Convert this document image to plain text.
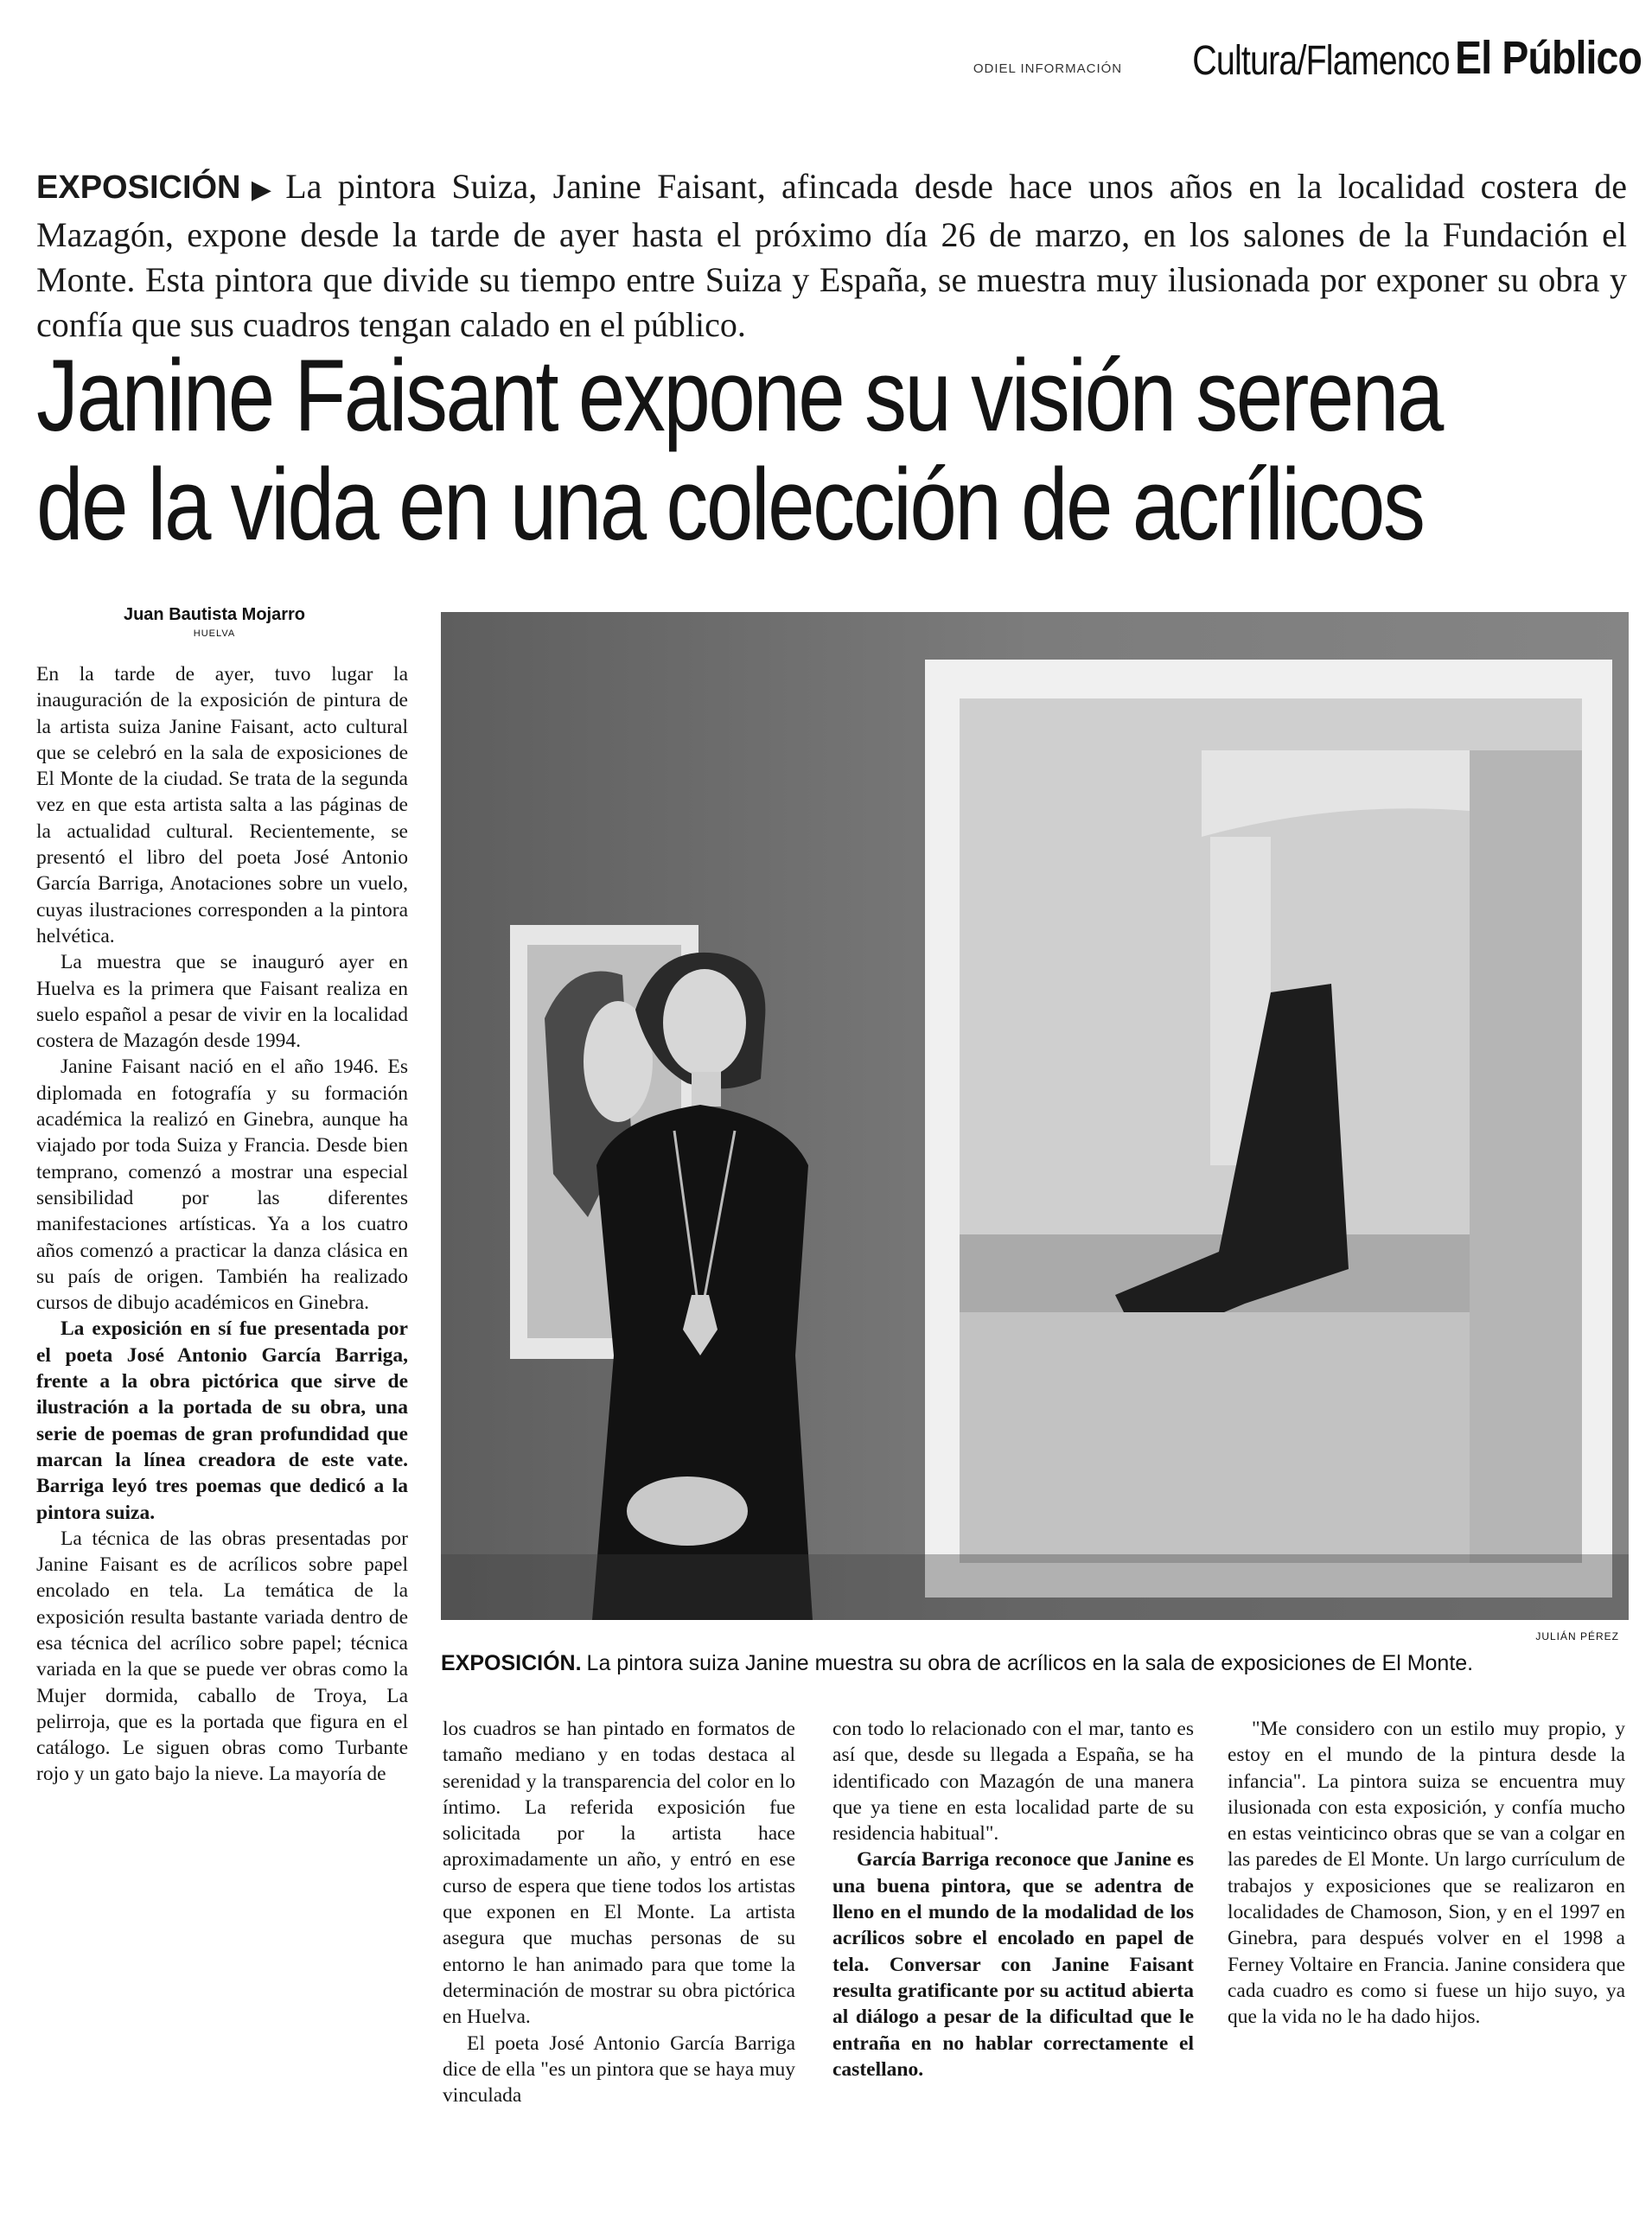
ODIEL INFORMACIÓN Cultura/Flamenco El Público
EXPOSICIÓN ▶ La pintora Suiza, Janine Faisant, afincada desde hace unos años en la localidad costera de Mazagón, expone desde la tarde de ayer hasta el próximo día 26 de marzo, en los salones de la Fundación el Monte. Esta pintora que divide su tiempo entre Suiza y España, se muestra muy ilusionada por exponer su obra y confía que sus cuadros tengan calado en el público.
Janine Faisant expone su visión serena
de la vida en una colección de acrílicos
Juan Bautista Mojarro
HUELVA

En la tarde de ayer, tuvo lugar la inauguración de la exposición de pintura de la artista suiza Janine Faisant, acto cultural que se celebró en la sala de exposiciones de El Monte de la ciudad. Se trata de la segunda vez en que esta artista salta a las páginas de la actualidad cultural. Recientemente, se presentó el libro del poeta José Antonio García Barriga, Anotaciones sobre un vuelo, cuyas ilustraciones corresponden a la pintora helvética.

La muestra que se inauguró ayer en Huelva es la primera que Faisant realiza en suelo español a pesar de vivir en la localidad costera de Mazagón desde 1994.

Janine Faisant nació en el año 1946. Es diplomada en fotografía y su formación académica la realizó en Ginebra, aunque ha viajado por toda Suiza y Francia. Desde bien temprano, comenzó a mostrar una especial sensibilidad por las diferentes manifestaciones artísticas. Ya a los cuatro años comenzó a practicar la danza clásica en su país de origen. También ha realizado cursos de dibujo académicos en Ginebra.

La exposición en sí fue presentada por el poeta José Antonio García Barriga, frente a la obra pictórica que sirve de ilustración a la portada de su obra, una serie de poemas de gran profundidad que marcan la línea creadora de este vate. Barriga leyó tres poemas que dedicó a la pintora suiza.

La técnica de las obras presentadas por Janine Faisant es de acrílicos sobre papel encolado en tela. La temática de la exposición resulta bastante variada dentro de esa técnica del acrílico sobre papel; técnica variada en la que se puede ver obras como la Mujer dormida, caballo de Troya, La pelirroja, que es la portada que figura en el catálogo. Le siguen obras como Turbante rojo y un gato bajo la nieve. La mayoría de

JULIÁN PÉREZ
EXPOSICIÓN. La pintora suiza Janine muestra su obra de acrílicos en la sala de exposiciones de El Monte.

los cuadros se han pintado en formatos de tamaño mediano y en todas destaca al serenidad y la transparencia del color en lo íntimo. La referida exposición fue solicitada por la artista hace aproximadamente un año, y entró en ese curso de espera que tiene todos los artistas que exponen en El Monte. La artista asegura que muchas personas de su entorno le han animado para que tome la determinación de mostrar su obra pictórica en Huelva.

El poeta José Antonio García Barriga dice de ella "es un pintora que se haya muy vinculada

con todo lo relacionado con el mar, tanto es así que, desde su llegada a España, se ha identificado con Mazagón de una manera que ya tiene en esta localidad parte de su residencia habitual".

García Barriga reconoce que Janine es una buena pintora, que se adentra de lleno en el mundo de la modalidad de los acrílicos sobre el encolado en papel de tela. Conversar con Janine Faisant resulta gratificante por su actitud abierta al diálogo a pesar de la dificultad que le entraña en no hablar correctamente el castellano.

"Me considero con un estilo muy propio, y estoy en el mundo de la pintura desde la infancia". La pintora suiza se encuentra muy ilusionada con esta exposición, y confía mucho en estas veinticinco obras que se van a colgar en las paredes de El Monte. Un largo currículum de trabajos y exposiciones que se realizaron en localidades de Chamoson, Sion, y en el 1997 en Ginebra, para después volver en el 1998 a Ferney Voltaire en Francia. Janine considera que cada cuadro es como si fuese un hijo suyo, ya que la vida no le ha dado hijos.
